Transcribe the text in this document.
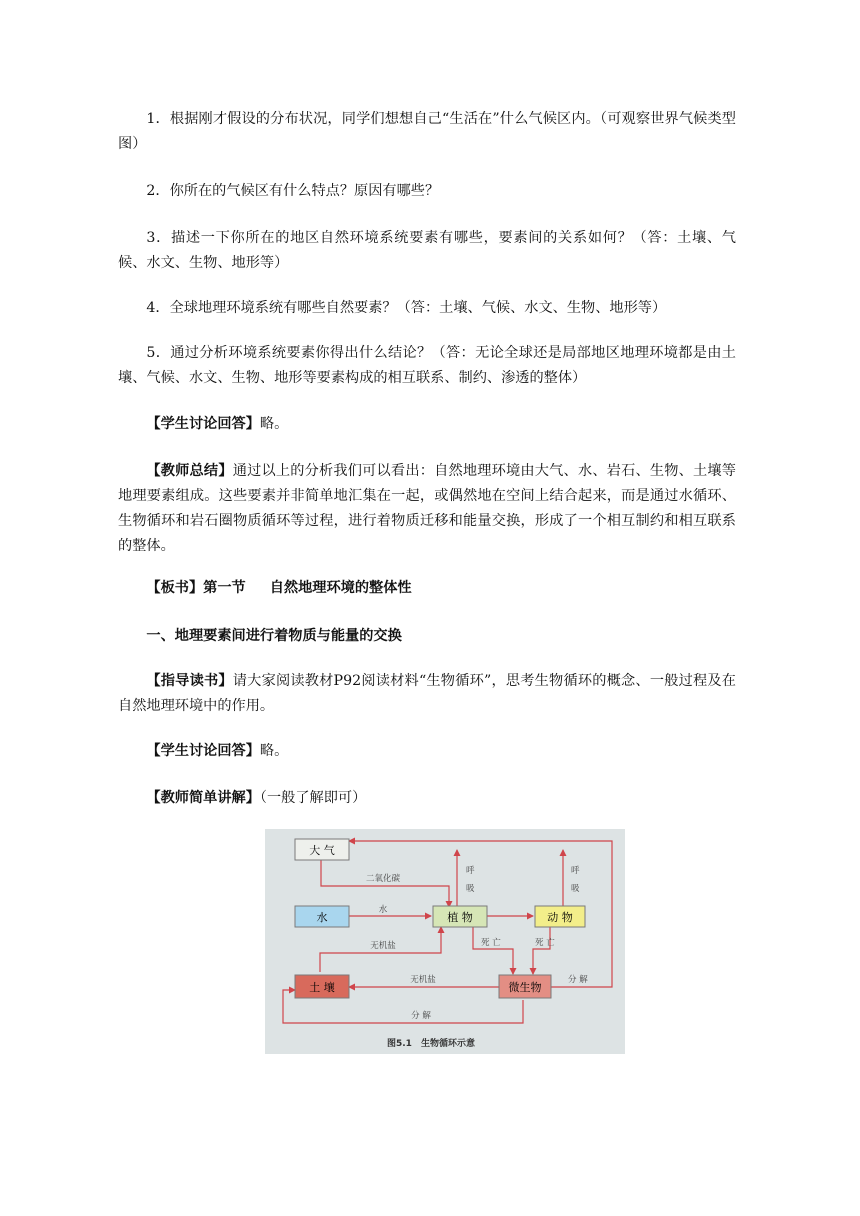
1．根据刚才假设的分布状况，同学们想想自己“生活在”什么气候区内。（可观察世界气候类型图）

2．你所在的气候区有什么特点？原因有哪些？

3．描述一下你所在的地区自然环境系统要素有哪些，要素间的关系如何？（答：土壤、气候、水文、生物、地形等）

4．全球地理环境系统有哪些自然要素？（答：土壤、气候、水文、生物、地形等）

5．通过分析环境系统要素你得出什么结论？（答：无论全球还是局部地区地理环境都是由土壤、气候、水文、生物、地形等要素构成的相互联系、制约、渗透的整体）

【学生讨论回答】略。

【教师总结】通过以上的分析我们可以看出：自然地理环境由大气、水、岩石、生物、土壤等地理要素组成。这些要素并非简单地汇集在一起，或偶然地在空间上结合起来，而是通过水循环、生物循环和岩石圈物质循环等过程，进行着物质迁移和能量交换，形成了一个相互制约和相互联系的整体。

【板书】第一节 自然地理环境的整体性

一、地理要素间进行着物质与能量的交换

【指导读书】请大家阅读教材P92阅读材料“生物循环”，思考生物循环的概念、一般过程及在自然地理环境中的作用。

【学生讨论回答】略。

【教师简单讲解】（一般了解即可）

大 气
水	植 物	动 物
土 壤	微生物
二氧化碳
水
无机盐
无机盐
呼吸
呼吸
死 亡	死 亡
分 解
分 解
图5.1　生物循环示意
